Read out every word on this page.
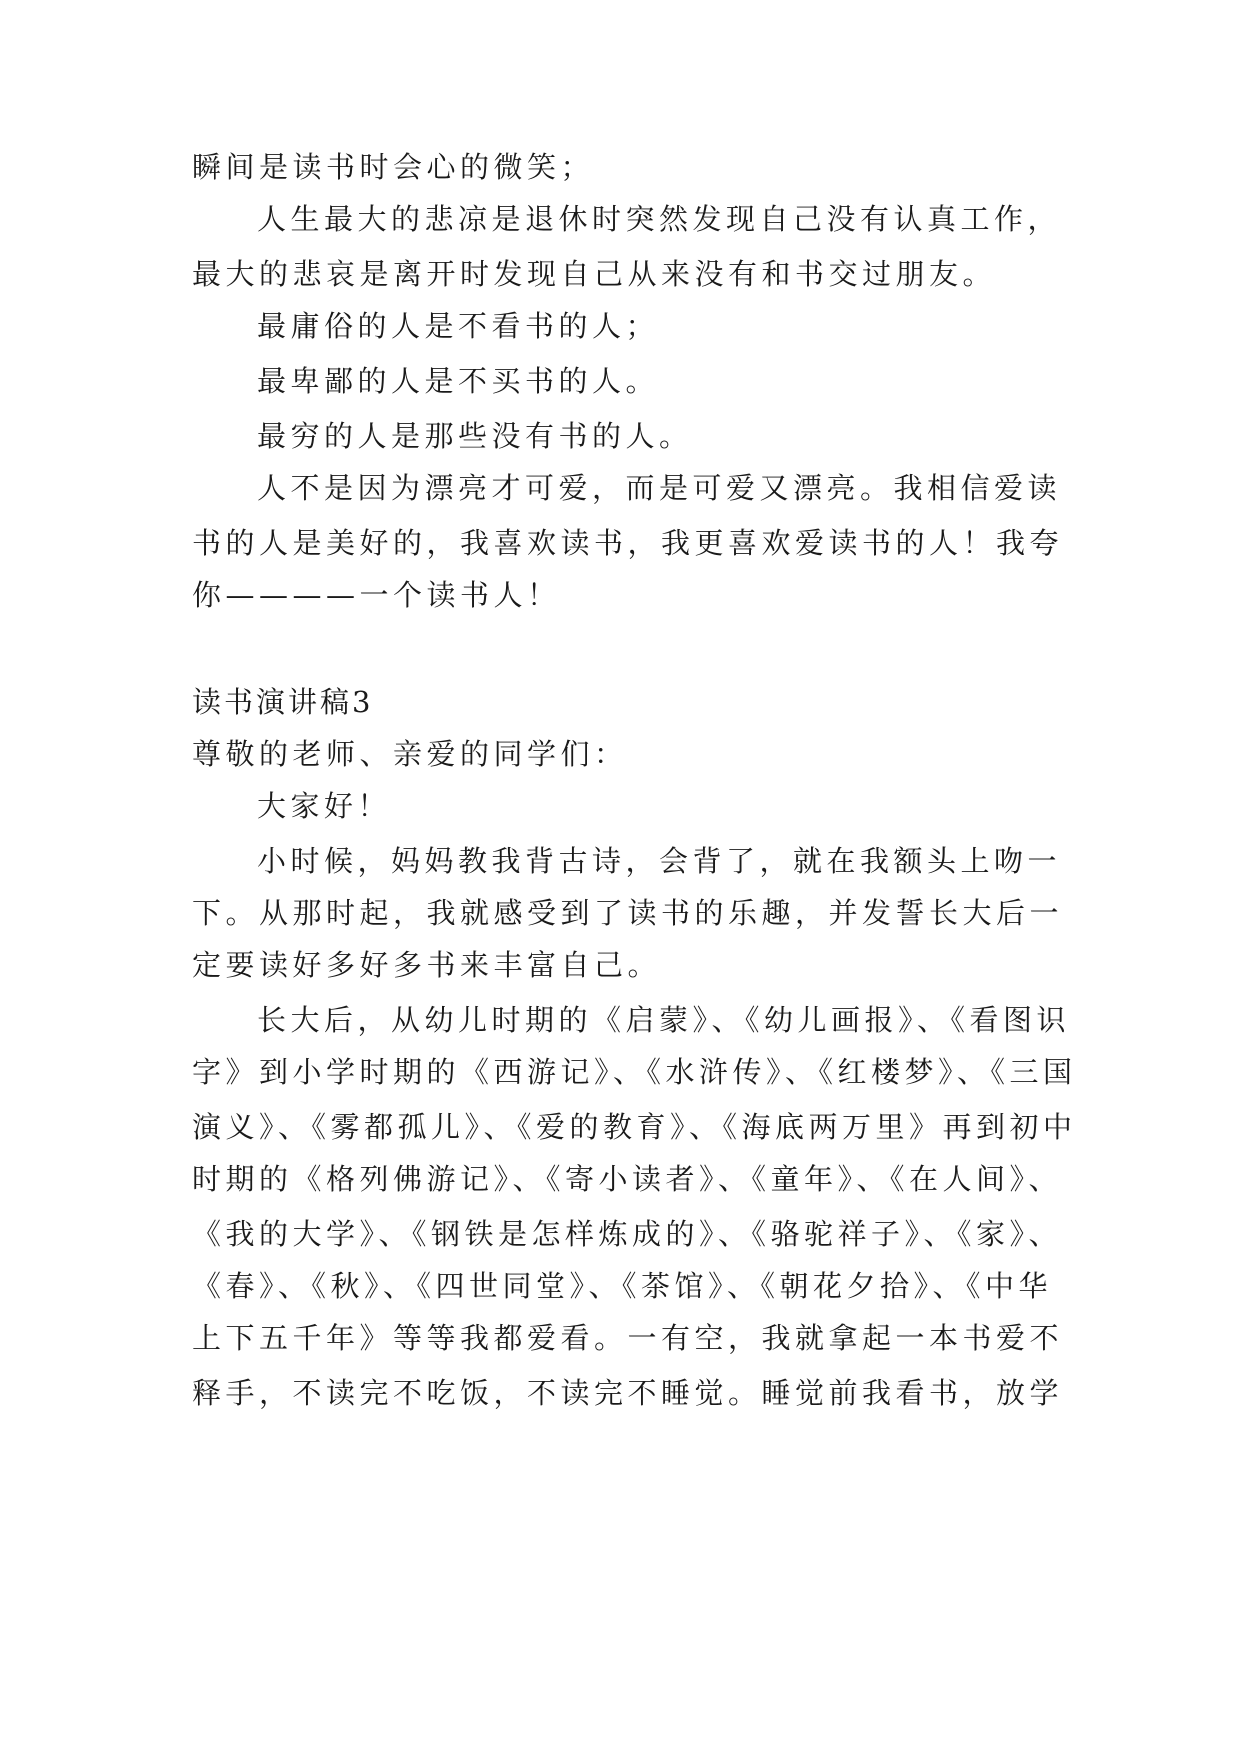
瞬间是读书时会心的微笑；
人生最大的悲凉是退休时突然发现自己没有认真工作，
最大的悲哀是离开时发现自己从来没有和书交过朋友。
最庸俗的人是不看书的人；
最卑鄙的人是不买书的人。
最穷的人是那些没有书的人。
人不是因为漂亮才可爱，而是可爱又漂亮。我相信爱读
书的人是美好的，我喜欢读书，我更喜欢爱读书的人！我夸
你————一个读书人！
读书演讲稿3
尊敬的老师、亲爱的同学们：
大家好！
小时候，妈妈教我背古诗，会背了，就在我额头上吻一
下。从那时起，我就感受到了读书的乐趣，并发誓长大后一
定要读好多好多书来丰富自己。
长大后，从幼儿时期的《启蒙》、《幼儿画报》、《看图识
字》到小学时期的《西游记》、《水浒传》、《红楼梦》、《三国
演义》、《雾都孤儿》、《爱的教育》、《海底两万里》再到初中
时期的《格列佛游记》、《寄小读者》、《童年》、《在人间》、
《我的大学》、《钢铁是怎样炼成的》、《骆驼祥子》、《家》、
《春》、《秋》、《四世同堂》、《茶馆》、《朝花夕拾》、《中华
上下五千年》等等我都爱看。一有空，我就拿起一本书爱不
释手，不读完不吃饭，不读完不睡觉。睡觉前我看书，放学
